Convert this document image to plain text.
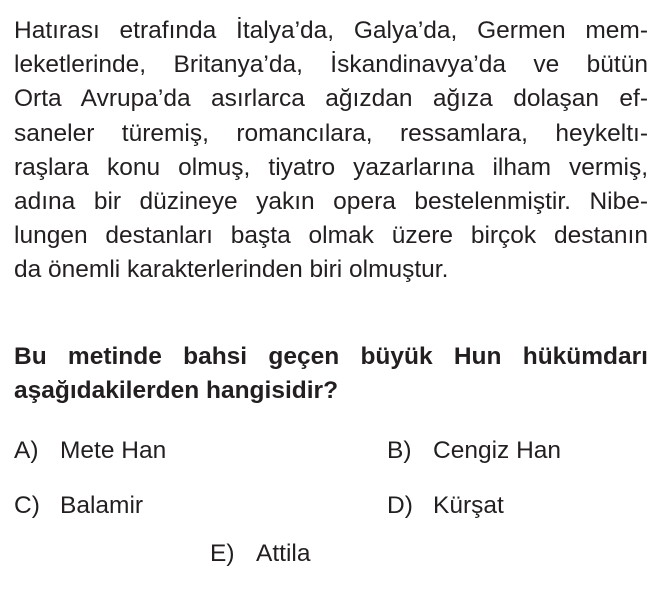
Hatırası etrafında İtalya’da, Galya’da, Germen mem-
leketlerinde, Britanya’da, İskandinavya’da ve bütün
Orta Avrupa’da asırlarca ağızdan ağıza dolaşan ef-
saneler türemiş, romancılara, ressamlara, heykeltı-
raşlara konu olmuş, tiyatro yazarlarına ilham vermiş,
adına bir düzineye yakın opera bestelenmiştir. Nibe-
lungen destanları başta olmak üzere birçok destanın
da önemli karakterlerinden biri olmuştur.
Bu metinde bahsi geçen büyük Hun hükümdarı
aşağıdakilerden hangisidir?
A) Mete Han	B) Cengiz Han
C) Balamir	D) Kürşat
E) Attila
